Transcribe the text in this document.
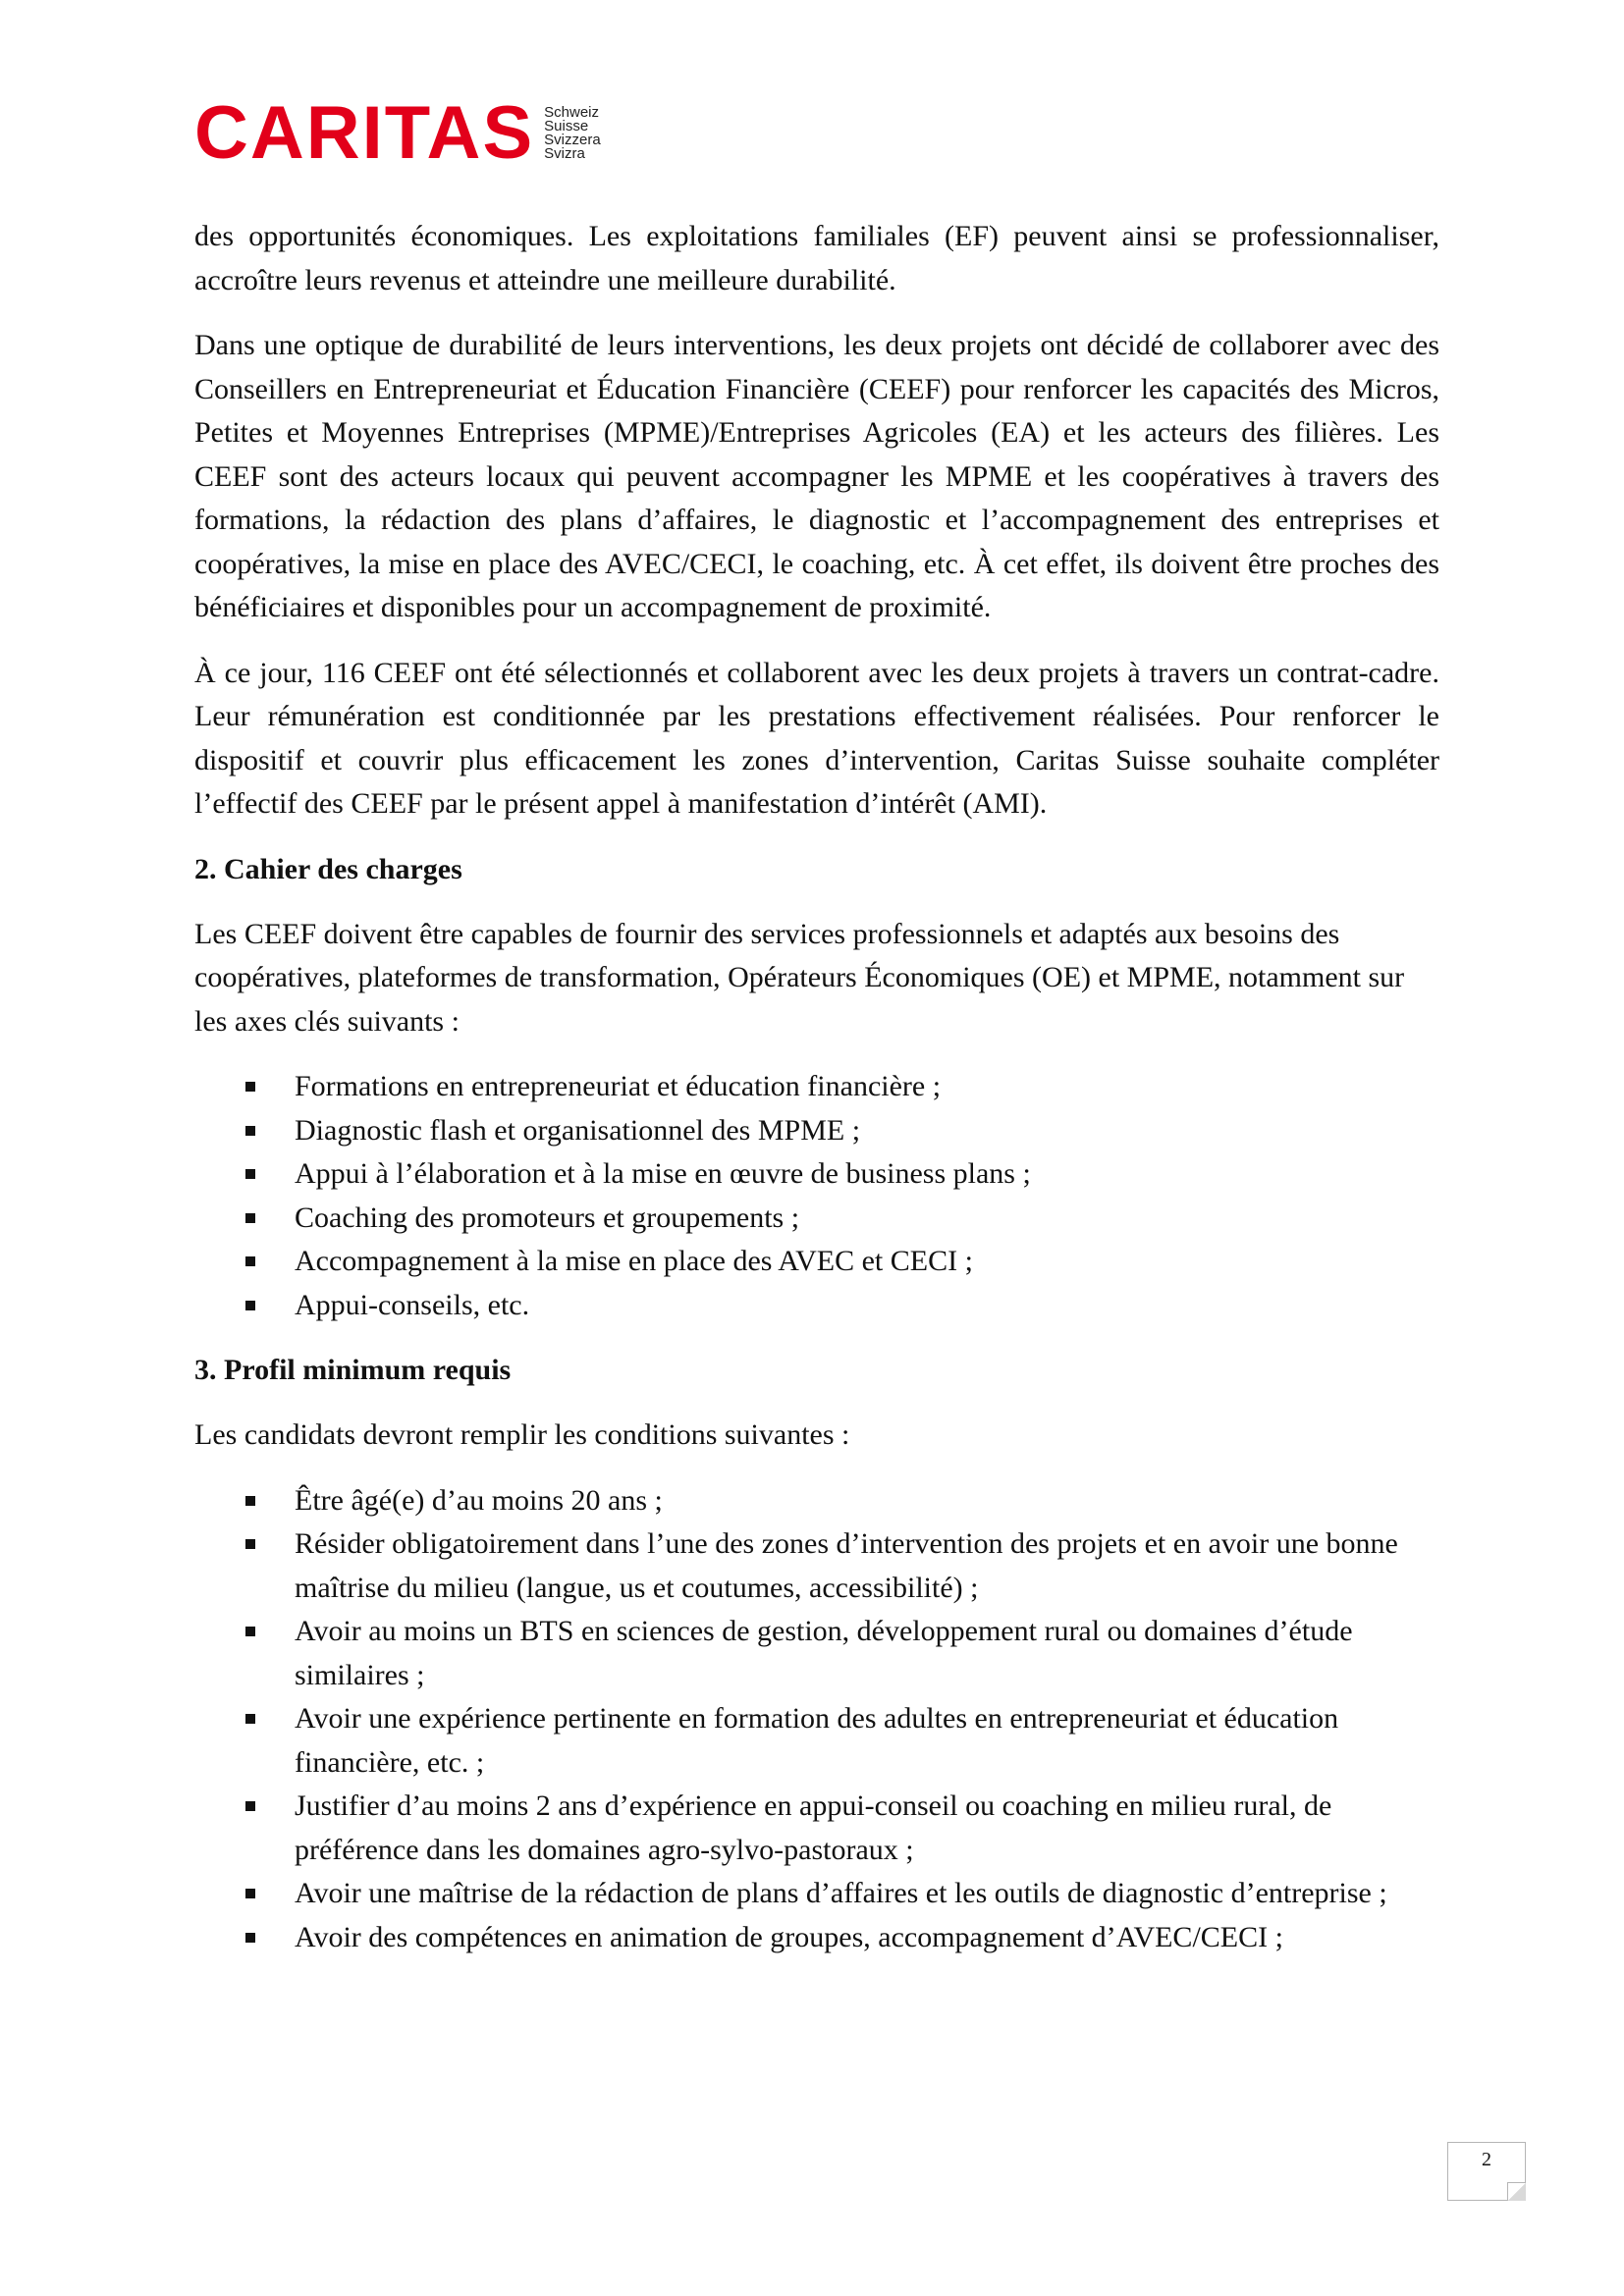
CARITAS Schweiz
Suisse
Svizzera
Svizra

des opportunités économiques. Les exploitations familiales (EF) peuvent ainsi se professionnaliser, accroître leurs revenus et atteindre une meilleure durabilité.

Dans une optique de durabilité de leurs interventions, les deux projets ont décidé de collaborer avec des Conseillers en Entrepreneuriat et Éducation Financière (CEEF) pour renforcer les capacités des Micros, Petites et Moyennes Entreprises (MPME)/Entreprises Agricoles (EA) et les acteurs des filières. Les CEEF sont des acteurs locaux qui peuvent accompagner les MPME et les coopératives à travers des formations, la rédaction des plans d’affaires, le diagnostic et l’accompagnement des entreprises et coopératives, la mise en place des AVEC/CECI, le coaching, etc. À cet effet, ils doivent être proches des bénéficiaires et disponibles pour un accompagnement de proximité.

À ce jour, 116 CEEF ont été sélectionnés et collaborent avec les deux projets à travers un contrat-cadre. Leur rémunération est conditionnée par les prestations effectivement réalisées. Pour renforcer le dispositif et couvrir plus efficacement les zones d’intervention, Caritas Suisse souhaite compléter l’effectif des CEEF par le présent appel à manifestation d’intérêt (AMI).

2. Cahier des charges

Les CEEF doivent être capables de fournir des services professionnels et adaptés aux besoins des coopératives, plateformes de transformation, Opérateurs Économiques (OE) et MPME, notamment sur les axes clés suivants :

Formations en entrepreneuriat et éducation financière ;
Diagnostic flash et organisationnel des MPME ;
Appui à l’élaboration et à la mise en œuvre de business plans ;
Coaching des promoteurs et groupements ;
Accompagnement à la mise en place des AVEC et CECI ;
Appui-conseils, etc.
3. Profil minimum requis

Les candidats devront remplir les conditions suivantes :

Être âgé(e) d’au moins 20 ans ;
Résider obligatoirement dans l’une des zones d’intervention des projets et en avoir une bonne maîtrise du milieu (langue, us et coutumes, accessibilité) ;
Avoir au moins un BTS en sciences de gestion, développement rural ou domaines d’étude similaires ;
Avoir une expérience pertinente en formation des adultes en entrepreneuriat et éducation financière, etc. ;
Justifier d’au moins 2 ans d’expérience en appui-conseil ou coaching en milieu rural, de préférence dans les domaines agro-sylvo-pastoraux ;
Avoir une maîtrise de la rédaction de plans d’affaires et les outils de diagnostic d’entreprise ;
Avoir des compétences en animation de groupes, accompagnement d’AVEC/CECI ;
2
